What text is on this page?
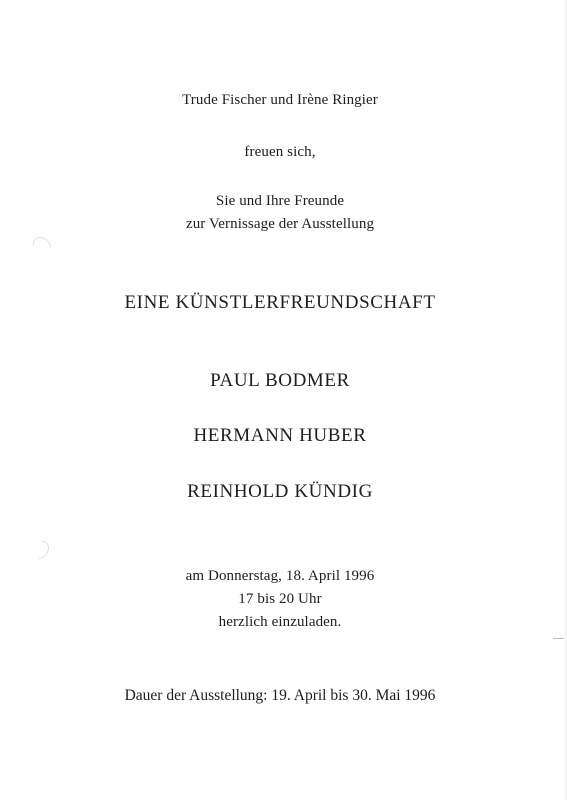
Trude Fischer und Irène Ringier
freuen sich,
Sie und Ihre Freunde
zur Vernissage der Ausstellung
EINE KÜNSTLERFREUNDSCHAFT
PAUL BODMER
HERMANN HUBER
REINHOLD KÜNDIG
am Donnerstag, 18. April 1996
17 bis 20 Uhr
herzlich einzuladen.
Dauer der Ausstellung: 19. April bis 30. Mai 1996
